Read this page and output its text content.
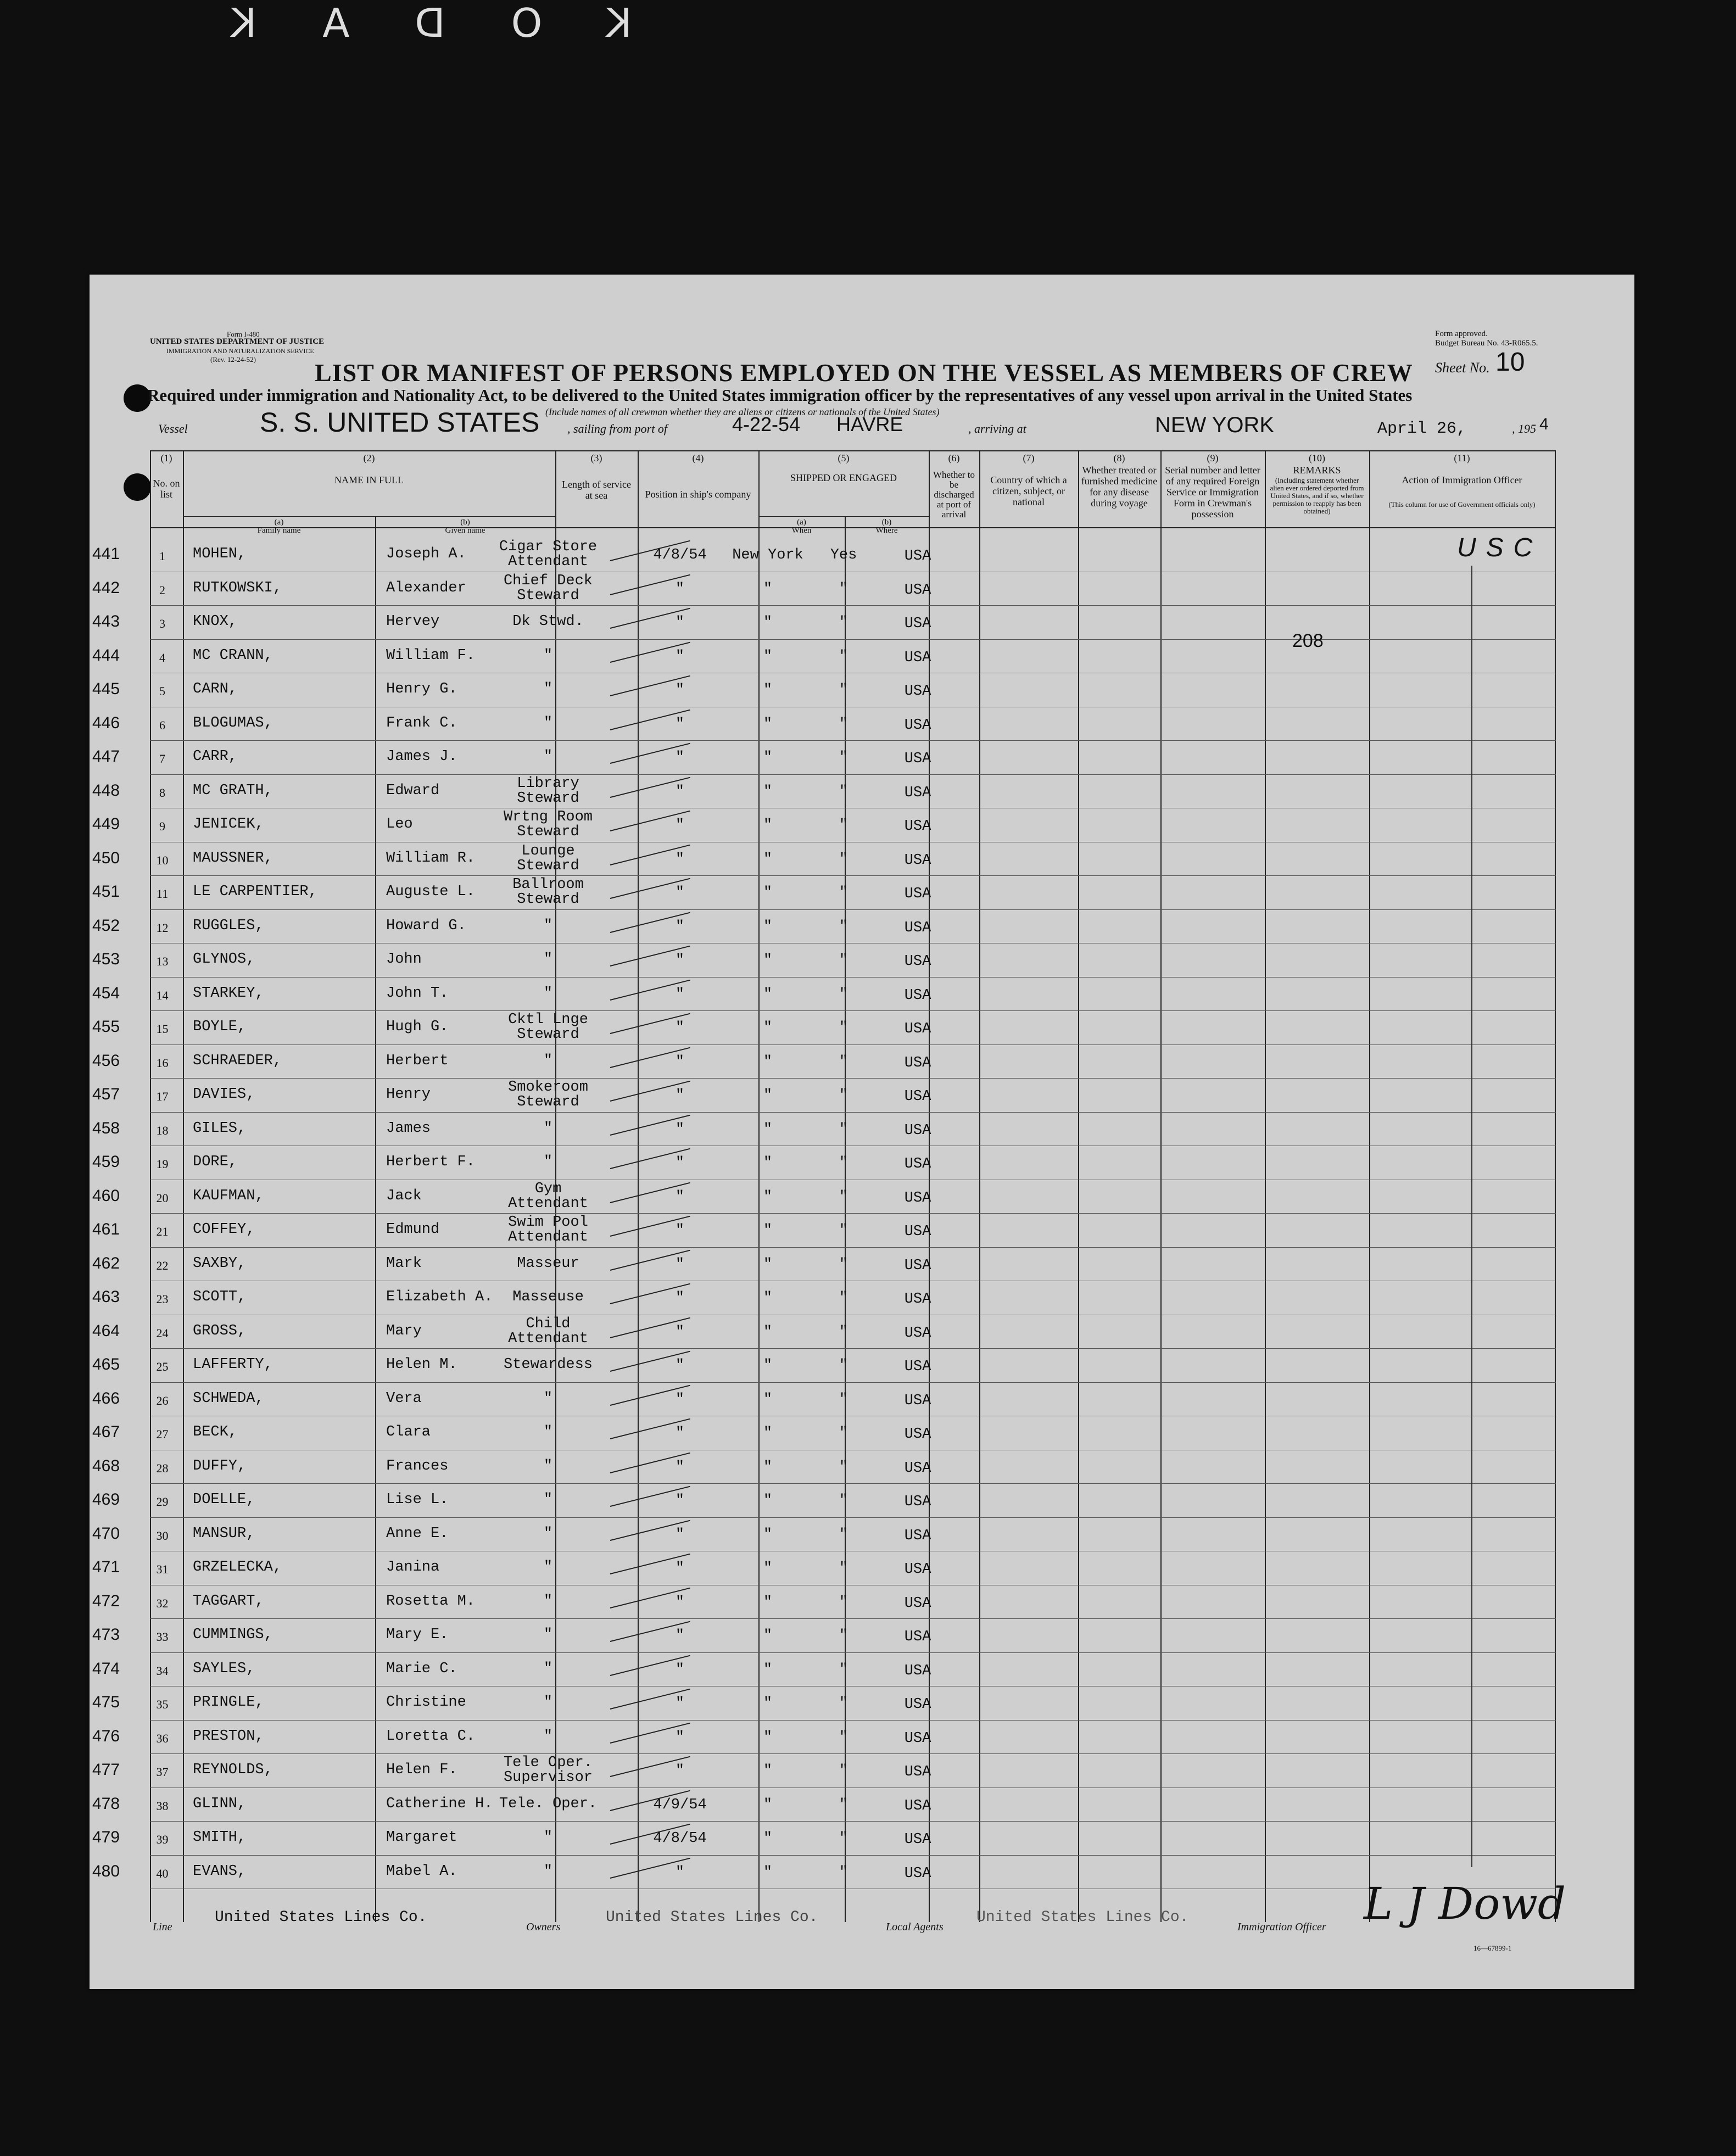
KODAK
Form I-480
UNITED STATES DEPARTMENT OF JUSTICE
IMMIGRATION AND NATURALIZATION SERVICE
(Rev. 12-24-52)
Form approved.
Budget Bureau No. 43-R065.5.
LIST OR MANIFEST OF PERSONS EMPLOYED ON THE VESSEL AS MEMBERS OF CREW Sheet No. 10
Required under immigration and Nationality Act, to be delivered to the United States immigration officer by the representatives of any vessel upon arrival in the United States
(Include names of all crewman whether they are aliens or citizens or nationals of the United States)
Vessel	S. S. UNITED STATES , sailing from port of	4-22-54 HAVRE	, arriving at	NEW YORK	April 26,	, 195 4
(1)	(2)	(3)	(4)	(5)	(6)	(7)	(8)	(9)	(10)	(11)
No. on list
NAME IN FULL
(a)
Family name
(b)
Given name
Length of service at sea	Position in ship's company
SHIPPED OR ENGAGED
(a)
When
(b)
Where
Whether to be discharged at port of arrival
Country of which a citizen, subject, or national
Whether treated or furnished medicine for any disease during voyage
Serial number and letter of any required Foreign Service or Immigration Form in Crewman's possession
REMARKS
(Including statement whether alien ever ordered deported from United States, and if so, whether permission to reapply has been obtained)
Action of Immigration Officer
(This column for use of Government officials only)
441	1	MOHEN,	Joseph A.	Cigar Store
Attendant	4/8/54	New York	Yes	USA
442	2	RUTKOWSKI,	Alexander	Chief Deck
Steward	"	"	"	USA
443	3	KNOX,	Hervey	Dk Stwd.	"	"	"	USA
444	4	MC CRANN,	William F.	"	"	"	"	USA
445	5	CARN,	Henry G.	"	"	"	"	USA
446	6	BLOGUMAS,	Frank C.	"	"	"	"	USA
447	7	CARR,	James J.	"	"	"	"	USA
448	8	MC GRATH,	Edward	Library
Steward	"	"	"	USA
449	9	JENICEK,	Leo	Wrtng Room
Steward	"	"	"	USA
450	10	MAUSSNER,	William R.	Lounge
Steward	"	"	"	USA
451	11	LE CARPENTIER,	Auguste L.	Ballroom
Steward	"	"	"	USA
452	12	RUGGLES,	Howard G.	"	"	"	"	USA
453	13	GLYNOS,	John	"	"	"	"	USA
454	14	STARKEY,	John T.	"	"	"	"	USA
455	15	BOYLE,	Hugh G.	Cktl Lnge
Steward	"	"	"	USA
456	16	SCHRAEDER,	Herbert	"	"	"	"	USA
457	17	DAVIES,	Henry	Smokeroom
Steward	"	"	"	USA
458	18	GILES,	James	"	"	"	"	USA
459	19	DORE,	Herbert F.	"	"	"	"	USA
460	20	KAUFMAN,	Jack	Gym
Attendant	"	"	"	USA
461	21	COFFEY,	Edmund	Swim Pool
Attendant	"	"	"	USA
462	22	SAXBY,	Mark	Masseur	"	"	"	USA
463	23	SCOTT,	Elizabeth A.	Masseuse	"	"	"	USA
464	24	GROSS,	Mary	Child
Attendant	"	"	"	USA
465	25	LAFFERTY,	Helen M.	Stewardess	"	"	"	USA
466	26	SCHWEDA,	Vera	"	"	"	"	USA
467	27	BECK,	Clara	"	"	"	"	USA
468	28	DUFFY,	Frances	"	"	"	"	USA
469	29	DOELLE,	Lise L.	"	"	"	"	USA
470	30	MANSUR,	Anne E.	"	"	"	"	USA
471	31	GRZELECKA,	Janina	"	"	"	"	USA
472	32	TAGGART,	Rosetta M.	"	"	"	"	USA
473	33	CUMMINGS,	Mary E.	"	"	"	"	USA
474	34	SAYLES,	Marie C.	"	"	"	"	USA
475	35	PRINGLE,	Christine	"	"	"	"	USA
476	36	PRESTON,	Loretta C.	"	"	"	"	USA
477	37	REYNOLDS,	Helen F.	Tele Oper.
Supervisor	"	"	"	USA
478	38	GLINN,	Catherine H. Tele. Oper.	4/9/54	"	"	USA
479	39	SMITH,	Margaret	"	4/8/54	"	"	USA
480	40	EVANS,	Mabel A.	"	"	"	"	USA
USC
208
Line
United States Lines Co.
Owners
United States Lines Co.
Local Agents
United States Lines Co.
Immigration Officer L J Dowd
16—67899-1
